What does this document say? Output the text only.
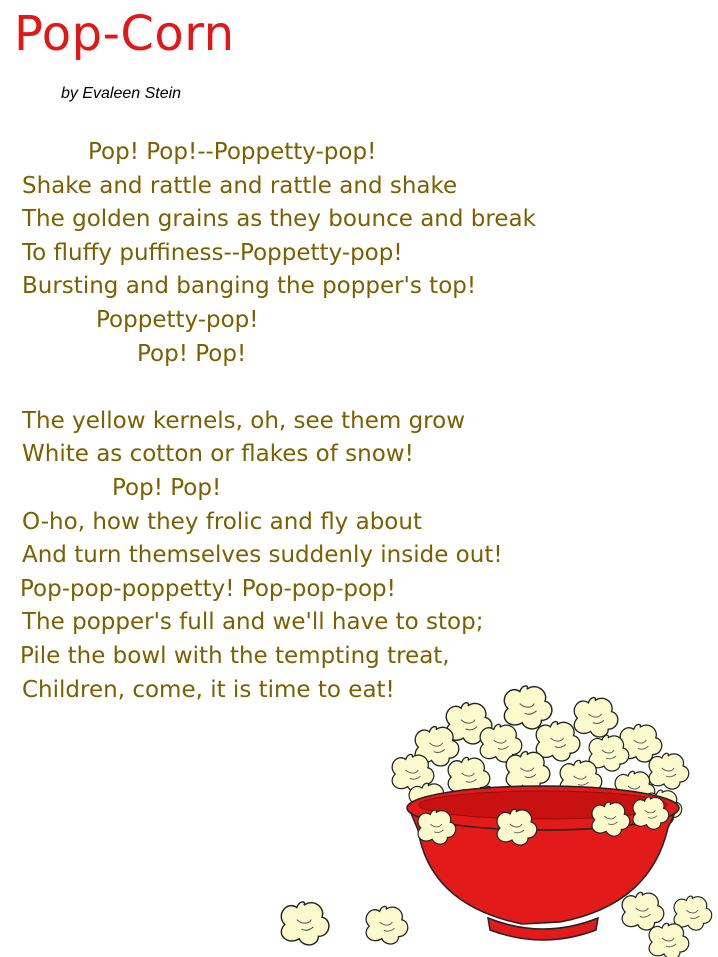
Pop-Corn
by Evaleen Stein
Pop! Pop!--Poppetty-pop!
Shake and rattle and rattle and shake
The golden grains as they bounce and break
To fluffy puffiness--Poppetty-pop!
Bursting and banging the popper's top!
Poppetty-pop!
Pop! Pop!
The yellow kernels, oh, see them grow
White as cotton or flakes of snow!
Pop! Pop!
O-ho, how they frolic and fly about
And turn themselves suddenly inside out!
Pop-pop-poppetty! Pop-pop-pop!
The popper's full and we'll have to stop;
Pile the bowl with the tempting treat,
Children, come, it is time to eat!
